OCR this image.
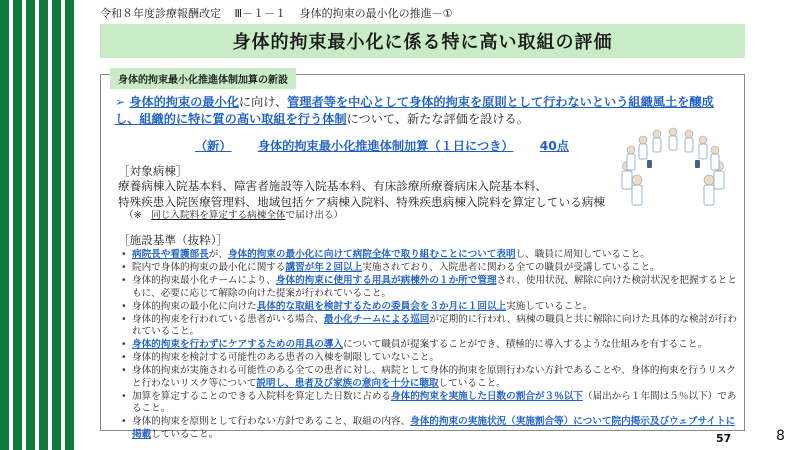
令和８年度診療報酬改定 Ⅲ－１－１ 身体的拘束の最小化の推進－①
身体的拘束最小化に係る特に高い取組の評価
身体的拘束最小化推進体制加算の新設
➢ 身体的拘束の最小化に向け、管理者等を中心として身体的拘束を原則として行わないという組織風土を醸成し、組織的に特に質の高い取組を行う体制について、新たな評価を設ける。
（新） 身体的拘束最小化推進体制加算（１日につき） 40点
［対象病棟］
療養病棟入院基本料、障害者施設等入院基本料、有床診療所療養病床入院基本料、
特殊疾患入院医療管理料、地域包括ケア病棟入院料、特殊疾患病棟入院料を算定している病棟
（※　同じ入院料を算定する病棟全体で届け出る）
［施設基準（抜粋）］
• 病院長や看護部長が、身体的拘束の最小化に向けて病院全体で取り組むことについて表明し、職員に周知していること。
• 院内で身体的拘束の最小化に関する講習が年２回以上実施されており、入院患者に関わる全ての職員が受講していること。
• 身体的拘束最小化チームにより、身体的拘束に使用する用具が病棟外の１か所で管理され、使用状況、解除に向けた検討状況を把握するとともに、必要に応じて解除の向けた提案が行われていること。
• 身体的拘束の最小化に向けた具体的な取組を検討するための委員会を３か月に１回以上実施していること。
• 身体的拘束を行われている患者がいる場合、最小化チームによる巡回が定期的に行われ、病棟の職員と共に解除に向けた具体的な検討が行われていること。
• 身体的拘束を行わずにケアするための用具の導入について職員が提案することができ、積極的に導入するような仕組みを有すること。
• 身体的拘束を検討する可能性のある患者の入棟を制限していないこと。
• 身体的拘束が実施される可能性のある全ての患者に対し、病院として身体的拘束を原則行わない方針であることや、身体的拘束を行うリスクと行わないリスク等について説明し、患者及び家族の意向を十分に聴取していること。
• 加算を算定することのできる入院料を算定した日数に占める身体的拘束を実施した日数の割合が３％以下（届出から１年間は５％以下）であること。
• 身体的拘束を原則として行わない方針であること、取組の内容、身体的拘束の実施状況（実施割合等）について院内掲示及びウェブサイトに掲載していること。	57	8
